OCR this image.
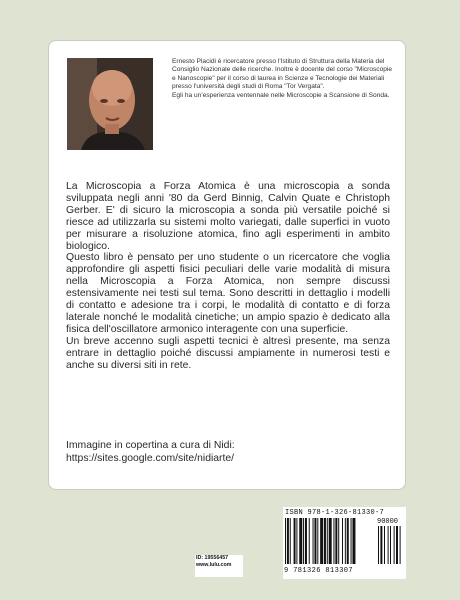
Ernesto Placidi è ricercatore presso l'Istituto di Struttura della Materia del Consiglio Nazionale delle ricerche. Inoltre è docente del corso "Microscopie e Nanoscopie" per il corso di laurea in Scienze e Tecnologie dei Materiali presso l'università degli studi di Roma "Tor Vergata".

Egli ha un'esperienza ventennale nelle Microscopie a Scansione di Sonda.

La Microscopia a Forza Atomica è una microscopia a sonda sviluppata negli anni '80 da Gerd Binnig, Calvin Quate e Christoph Gerber. E' di sicuro la microscopia a sonda più versatile poiché si riesce ad utilizzarla su sistemi molto variegati, dalle superfici in vuoto per misurare a risoluzione atomica, fino agli esperimenti in ambito biologico.

Questo libro è pensato per uno studente o un ricercatore che voglia approfondire gli aspetti fisici peculiari delle varie modalità di misura nella Microscopia a Forza Atomica, non sempre discussi estensivamente nei testi sul tema. Sono descritti in dettaglio i modelli di contatto e adesione tra i corpi, le modalità di contatto e di forza laterale nonché le modalità cinetiche; un ampio spazio è dedicato alla fisica dell'oscillatore armonico interagente con una superficie.

Un breve accenno sugli aspetti tecnici è altresì presente, ma senza entrare in dettaglio poiché discussi ampiamente in numerosi testi e anche su diversi siti in rete.

Immagine in copertina a cura di Nidi:

https://sites.google.com/site/nidiarte/

ID: 19556457
www.lulu.com
ISBN 978-1-326-81330-7
90000
9 781326 813307
